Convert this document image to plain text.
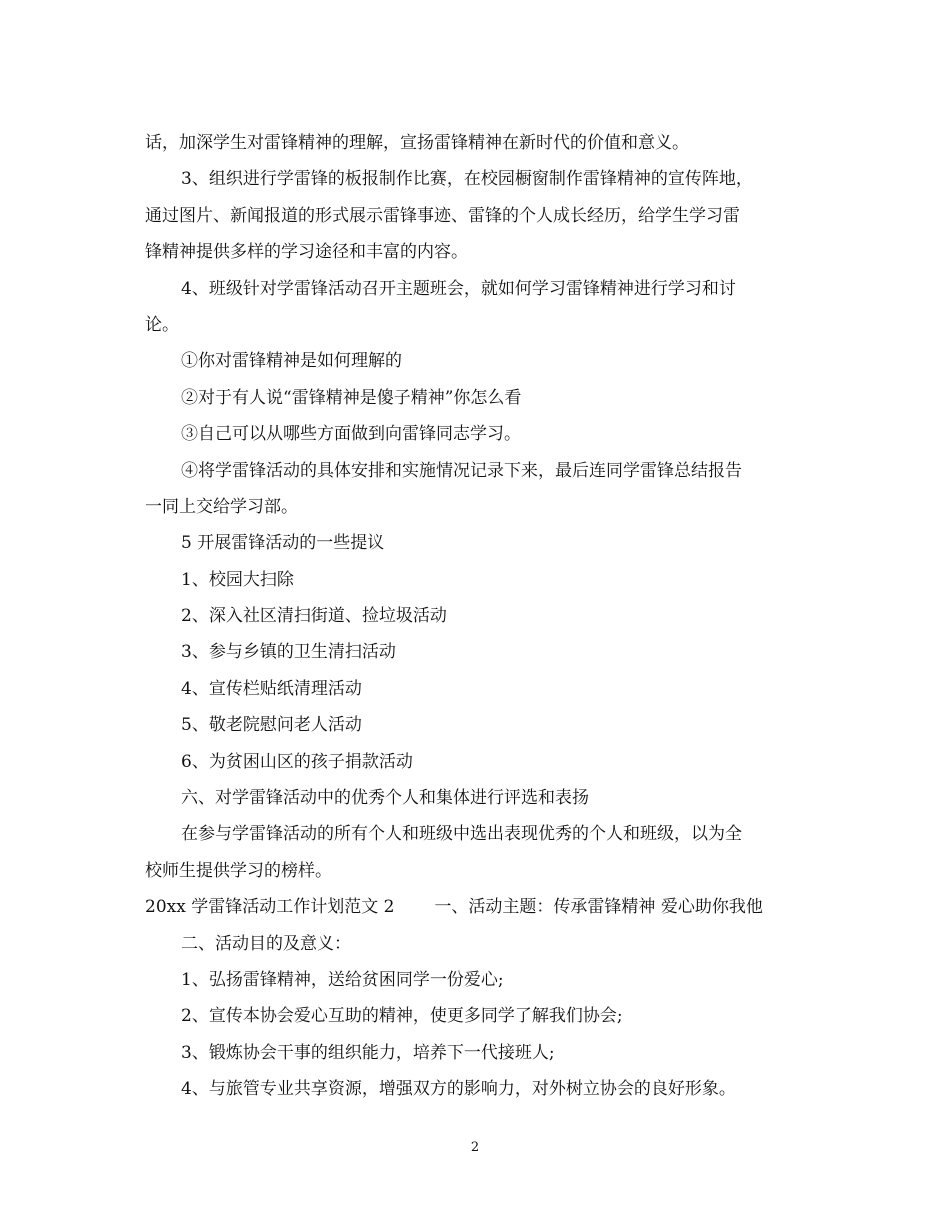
话，加深学生对雷锋精神的理解，宣扬雷锋精神在新时代的价值和意义。
3、组织进行学雷锋的板报制作比赛，在校园橱窗制作雷锋精神的宣传阵地，
通过图片、新闻报道的形式展示雷锋事迹、雷锋的个人成长经历，给学生学习雷
锋精神提供多样的学习途径和丰富的内容。
4、班级针对学雷锋活动召开主题班会，就如何学习雷锋精神进行学习和讨
论。
①你对雷锋精神是如何理解的
②对于有人说“雷锋精神是傻子精神”你怎么看
③自己可以从哪些方面做到向雷锋同志学习。
④将学雷锋活动的具体安排和实施情况记录下来，最后连同学雷锋总结报告
一同上交给学习部。
5 开展雷锋活动的一些提议
1、校园大扫除
2、深入社区清扫街道、捡垃圾活动
3、参与乡镇的卫生清扫活动
4、宣传栏贴纸清理活动
5、敬老院慰问老人活动
6、为贫困山区的孩子捐款活动
六、对学雷锋活动中的优秀个人和集体进行评选和表扬
在参与学雷锋活动的所有个人和班级中选出表现优秀的个人和班级，以为全
校师生提供学习的榜样。
20xx 学雷锋活动工作计划范文 2 一、活动主题：传承雷锋精神 爱心助你我他
二、活动目的及意义：
1、弘扬雷锋精神，送给贫困同学一份爱心;
2、宣传本协会爱心互助的精神，使更多同学了解我们协会;
3、锻炼协会干事的组织能力，培养下一代接班人;
4、与旅管专业共享资源，增强双方的影响力，对外树立协会的良好形象。
2
